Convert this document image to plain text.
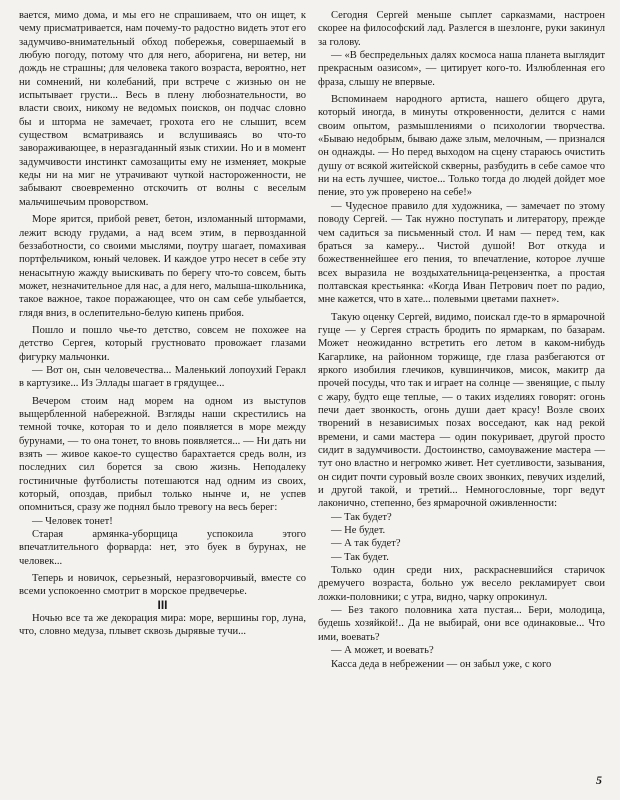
вается, мимо дома, и мы его не спрашиваем, что он ищет, к чему присматривается, нам почему-то радостно видеть этот его задумчиво-внимательный обход побережья, совершаемый в любую погоду, потому что для него, аборигена, ни ветер, ни дождь не страшны; для человека такого возраста, вероятно, нет ни сомнений, ни колебаний, при встрече с жизнью он не испытывает грусти... Весь в плену любознательности, во власти своих, никому не ведомых поисков, он подчас словно бы и шторма не замечает, грохота его не слышит, всем существом всматриваясь и вслушиваясь во что-то завораживающее, в неразгаданный язык стихии. Но и в момент задумчивости инстинкт самозащиты ему не изменяет, мокрые кеды ни на миг не утрачивают чуткой настороженности, не забывают своевременно отскочить от волны с веселым мальчишечьим проворством.

Море ярится, прибой ревет, бетон, изломанный штормами, лежит всюду грудами, а над всем этим, в первозданной беззаботности, со своими мыслями, поутру шагает, помахивая портфельчиком, юный человек. И каждое утро несет в себе эту ненасытную жажду выискивать по берегу что-то совсем, быть может, незначительное для нас, а для него, малыша-школьника, такое важное, такое поражающее, что он сам себе улыбается, глядя вниз, в ослепительно-белую кипень прибоя.

Пошло и пошло чье-то детство, совсем не похожее на детство Сергея, который грустновато провожает глазами фигурку мальчонки.

— Вот он, сын человечества... Маленький лопоухий Геракл в картузике... Из Эллады шагает в грядущее...

Вечером стоим над морем на одном из выступов выщербленной набережной. Взгляды наши скрестились на темной точке, которая то и дело появляется в море между бурунами, — то она тонет, то вновь появляется... — Ни дать ни взять — живое какое-то существо барахтается средь волн, из последних сил борется за свою жизнь. Неподалеку гостиничные футболисты потешаются над одним из своих, который, опоздав, прибыл только нынче и, не успев опомниться, сразу же поднял было тревогу на весь берег:

— Человек тонет!

Старая армянка-уборщица успокоила этого впечатлительного форварда: нет, это буек в бурунах, не человек...

Теперь и новичок, серьезный, неразговорчивый, вместе со всеми успокоенно смотрит в морское предвечерье.

III

Ночью все та же декорация мира: море, вершины гор, луна, что, словно медуза, плывет сквозь дырявые тучи...

Сегодня Сергей меньше сыплет сарказмами, настроен скорее на философский лад. Разлегся в шезлонге, руки закинул за голову.

— «В беспредельных далях космоса наша планета выглядит прекрасным оазисом», — цитирует кого-то. Излюбленная его фраза, слышу не впервые.

Вспоминаем народного артиста, нашего общего друга, который иногда, в минуты откровенности, делится с нами своим опытом, размышлениями о психологии творчества. «Бываю недобрым, бываю даже злым, мелочным, — признался он однажды. — Но перед выходом на сцену стараюсь очистить душу от всякой житейской скверны, разбудить в себе самое что ни на есть лучшее, чистое... Только тогда до людей дойдет мое пение, это уж проверено на себе!»

— Чудесное правило для художника, — замечает по этому поводу Сергей. — Так нужно поступать и литератору, прежде чем садиться за письменный стол. И нам — перед тем, как браться за камеру... Чистой душой! Вот откуда и божественнейшее его пения, то впечатление, которое лучше всех выразила не воздыхательница-рецензентка, а простая полтавская крестьянка: «Когда Иван Петрович поет по радио, мне кажется, что в хате... полевыми цветами пахнет».

Такую оценку Сергей, видимо, поискал где-то в ярмарочной гуще — у Сергея страсть бродить по ярмаркам, по базарам. Может неожиданно встретить его летом в каком-нибудь Кагарлике, на районном торжище, где глаза разбегаются от яркого изобилия глечиков, кувшинчиков, мисок, макитр да прочей посуды, что так и играет на солнце — звенящие, с пылу с жару, будто еще теплые, — о таких изделиях говорят: огонь печи дает звонкость, огонь души дает красу! Возле своих творений в независимых позах восседают, как над рекой времени, и сами мастера — один покуривает, другой просто сидит в задумчивости. Достоинство, самоуважение мастера — тут оно властно и негромко живет. Нет суетливости, зазывания, он сидит почти суровый возле своих звонких, певучих изделий, и другой такой, и третий... Немногословные, торг ведут лаконично, степенно, без ярмарочной оживленности:

— Так будет?

— Не будет.

— А так будет?

— Так будет.

Только один среди них, раскрасневшийся старичок дремучего возраста, больно уж весело рекламирует свои ложки-половники; с утра, видно, чарку опрокинул.

— Без такого половника хата пустая... Бери, молодица, будешь хозяйкой!.. Да не выбирай, они все одинаковые... Что ими, воевать?

— А может, и воевать?

Касса деда в небрежении — он забыл уже, с кого

5
